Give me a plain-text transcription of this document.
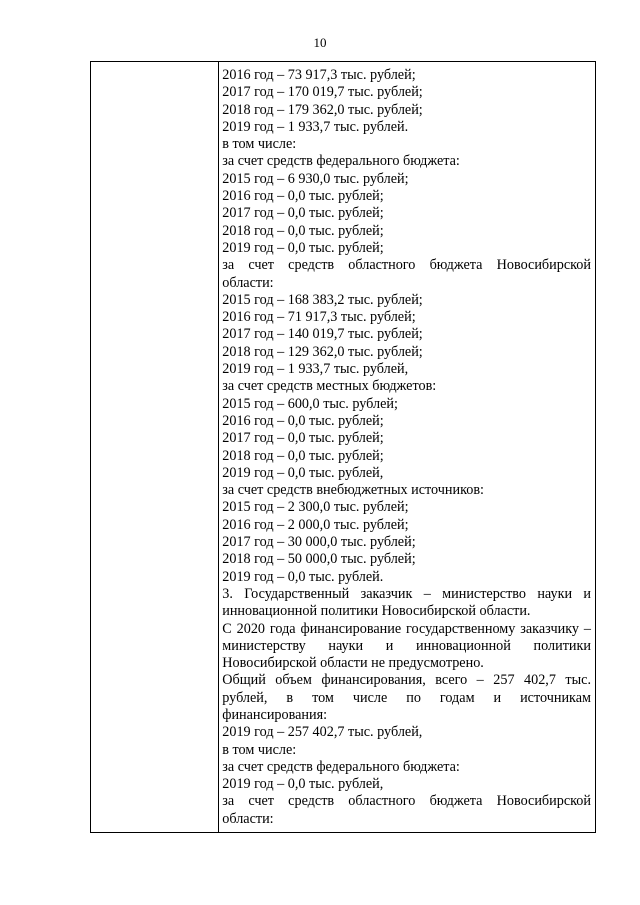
10

2016 год – 73 917,3 тыс. рублей;
2017 год – 170 019,7 тыс. рублей;
2018 год – 179 362,0 тыс. рублей;
2019 год – 1 933,7 тыс. рублей.
в том числе:
за счет средств федерального бюджета:
2015 год – 6 930,0 тыс. рублей;
2016 год – 0,0 тыс. рублей;
2017 год – 0,0 тыс. рублей;
2018 год – 0,0 тыс. рублей;
2019 год – 0,0 тыс. рублей;
за счет средств областного бюджета Новосибирской
области:
2015 год – 168 383,2 тыс. рублей;
2016 год – 71 917,3 тыс. рублей;
2017 год – 140 019,7 тыс. рублей;
2018 год – 129 362,0 тыс. рублей;
2019 год – 1 933,7 тыс. рублей,
за счет средств местных бюджетов:
2015 год – 600,0 тыс. рублей;
2016 год – 0,0 тыс. рублей;
2017 год – 0,0 тыс. рублей;
2018 год – 0,0 тыс. рублей;
2019 год – 0,0 тыс. рублей,
за счет средств внебюджетных источников:
2015 год – 2 300,0 тыс. рублей;
2016 год – 2 000,0 тыс. рублей;
2017 год – 30 000,0 тыс. рублей;
2018 год – 50 000,0 тыс. рублей;
2019 год – 0,0 тыс. рублей.
3. Государственный заказчик – министерство науки и инновационной политики Новосибирской области.
С 2020 года финансирование государственному заказчику – министерству науки и инновационной политики Новосибирской области не предусмотрено.
Общий объем финансирования, всего – 257 402,7 тыс. рублей, в том числе по годам и источникам финансирования:
2019 год – 257 402,7 тыс. рублей,
в том числе:
за счет средств федерального бюджета:
2019 год – 0,0 тыс. рублей,
за счет средств областного бюджета Новосибирской области:
